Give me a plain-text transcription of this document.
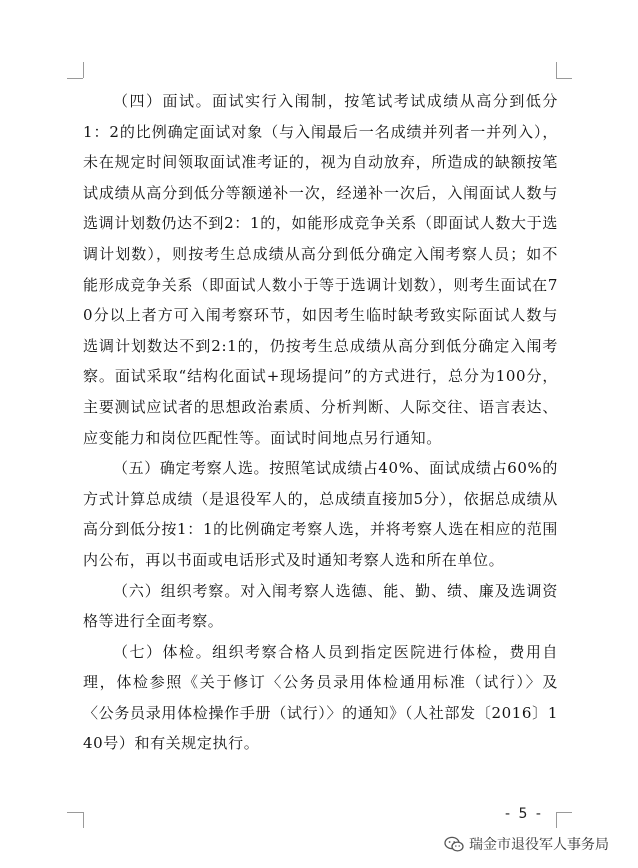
（四）面试。面试实行入闱制，按笔试考试成绩从高分到低分1：2的比例确定面试对象（与入闱最后一名成绩并列者一并列入），未在规定时间领取面试准考证的，视为自动放弃，所造成的缺额按笔试成绩从高分到低分等额递补一次，经递补一次后，入闱面试人数与选调计划数仍达不到2：1的，如能形成竞争关系（即面试人数大于选调计划数），则按考生总成绩从高分到低分确定入闱考察人员；如不能形成竞争关系（即面试人数小于等于选调计划数），则考生面试在70分以上者方可入闱考察环节，如因考生临时缺考致实际面试人数与选调计划数达不到2:1的，仍按考生总成绩从高分到低分确定入闱考察。面试采取“结构化面试+现场提问”的方式进行，总分为100分，主要测试应试者的思想政治素质、分析判断、人际交往、语言表达、应变能力和岗位匹配性等。面试时间地点另行通知。

（五）确定考察人选。按照笔试成绩占40%、面试成绩占60%的方式计算总成绩（是退役军人的，总成绩直接加5分），依据总成绩从高分到低分按1：1的比例确定考察人选，并将考察人选在相应的范围内公布，再以书面或电话形式及时通知考察人选和所在单位。

（六）组织考察。对入闱考察人选德、能、勤、绩、廉及选调资格等进行全面考察。

（七）体检。组织考察合格人员到指定医院进行体检，费用自理，体检参照《关于修订〈公务员录用体检通用标准（试行）〉及〈公务员录用体检操作手册（试行）〉的通知》（人社部发〔2016〕140号）和有关规定执行。

- 5 -
瑞金市退役军人事务局
